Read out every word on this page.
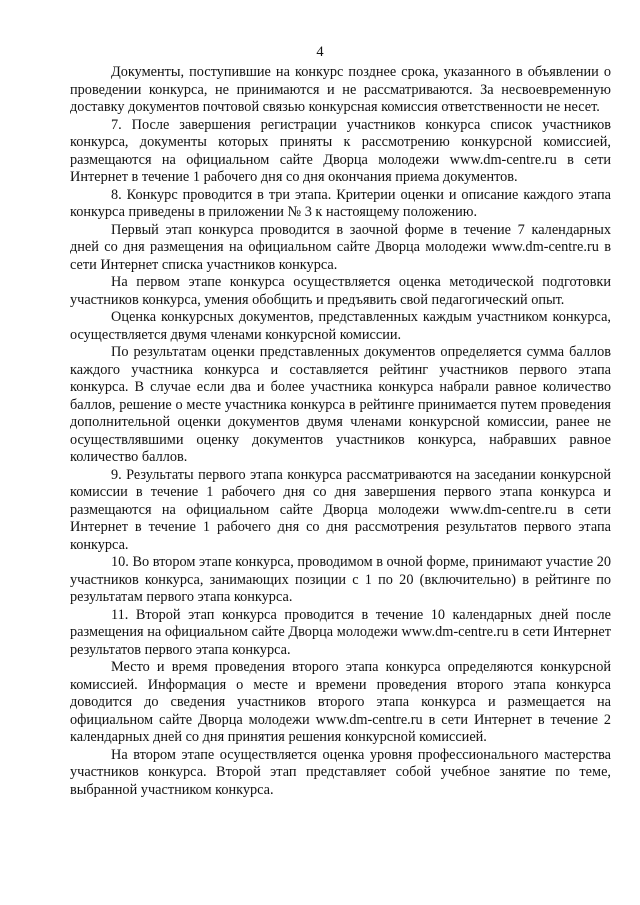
4

Документы, поступившие на конкурс позднее срока, указанного в объявлении о проведении конкурса, не принимаются и не рассматриваются. За несвоевременную доставку документов почтовой связью конкурсная комиссия ответственности не несет.

7. После завершения регистрации участников конкурса список участников конкурса, документы которых приняты к рассмотрению конкурсной комиссией, размещаются на официальном сайте Дворца молодежи www.dm-centre.ru в сети Интернет в течение 1 рабочего дня со дня окончания приема документов.

8. Конкурс проводится в три этапа. Критерии оценки и описание каждого этапа конкурса приведены в приложении № 3 к настоящему положению.

Первый этап конкурса проводится в заочной форме в течение 7 календарных дней со дня размещения на официальном сайте Дворца молодежи www.dm-centre.ru в сети Интернет списка участников конкурса.

На первом этапе конкурса осуществляется оценка методической подготовки участников конкурса, умения обобщить и предъявить свой педагогический опыт.

Оценка конкурсных документов, представленных каждым участником конкурса, осуществляется двумя членами конкурсной комиссии.

По результатам оценки представленных документов определяется сумма баллов каждого участника конкурса и составляется рейтинг участников первого этапа конкурса. В случае если два и более участника конкурса набрали равное количество баллов, решение о месте участника конкурса в рейтинге принимается путем проведения дополнительной оценки документов двумя членами конкурсной комиссии, ранее не осуществлявшими оценку документов участников конкурса, набравших равное количество баллов.

9. Результаты первого этапа конкурса рассматриваются на заседании конкурсной комиссии в течение 1 рабочего дня со дня завершения первого этапа конкурса и размещаются на официальном сайте Дворца молодежи www.dm-centre.ru в сети Интернет в течение 1 рабочего дня со дня рассмотрения результатов первого этапа конкурса.

10. Во втором этапе конкурса, проводимом в очной форме, принимают участие 20 участников конкурса, занимающих позиции с 1 по 20 (включительно) в рейтинге по результатам первого этапа конкурса.

11. Второй этап конкурса проводится в течение 10 календарных дней после размещения на официальном сайте Дворца молодежи www.dm-centre.ru в сети Интернет результатов первого этапа конкурса.

Место и время проведения второго этапа конкурса определяются конкурсной комиссией. Информация о месте и времени проведения второго этапа конкурса доводится до сведения участников второго этапа конкурса и размещается на официальном сайте Дворца молодежи www.dm-centre.ru в сети Интернет в течение 2 календарных дней со дня принятия решения конкурсной комиссией.

На втором этапе осуществляется оценка уровня профессионального мастерства участников конкурса. Второй этап представляет собой учебное занятие по теме, выбранной участником конкурса.
